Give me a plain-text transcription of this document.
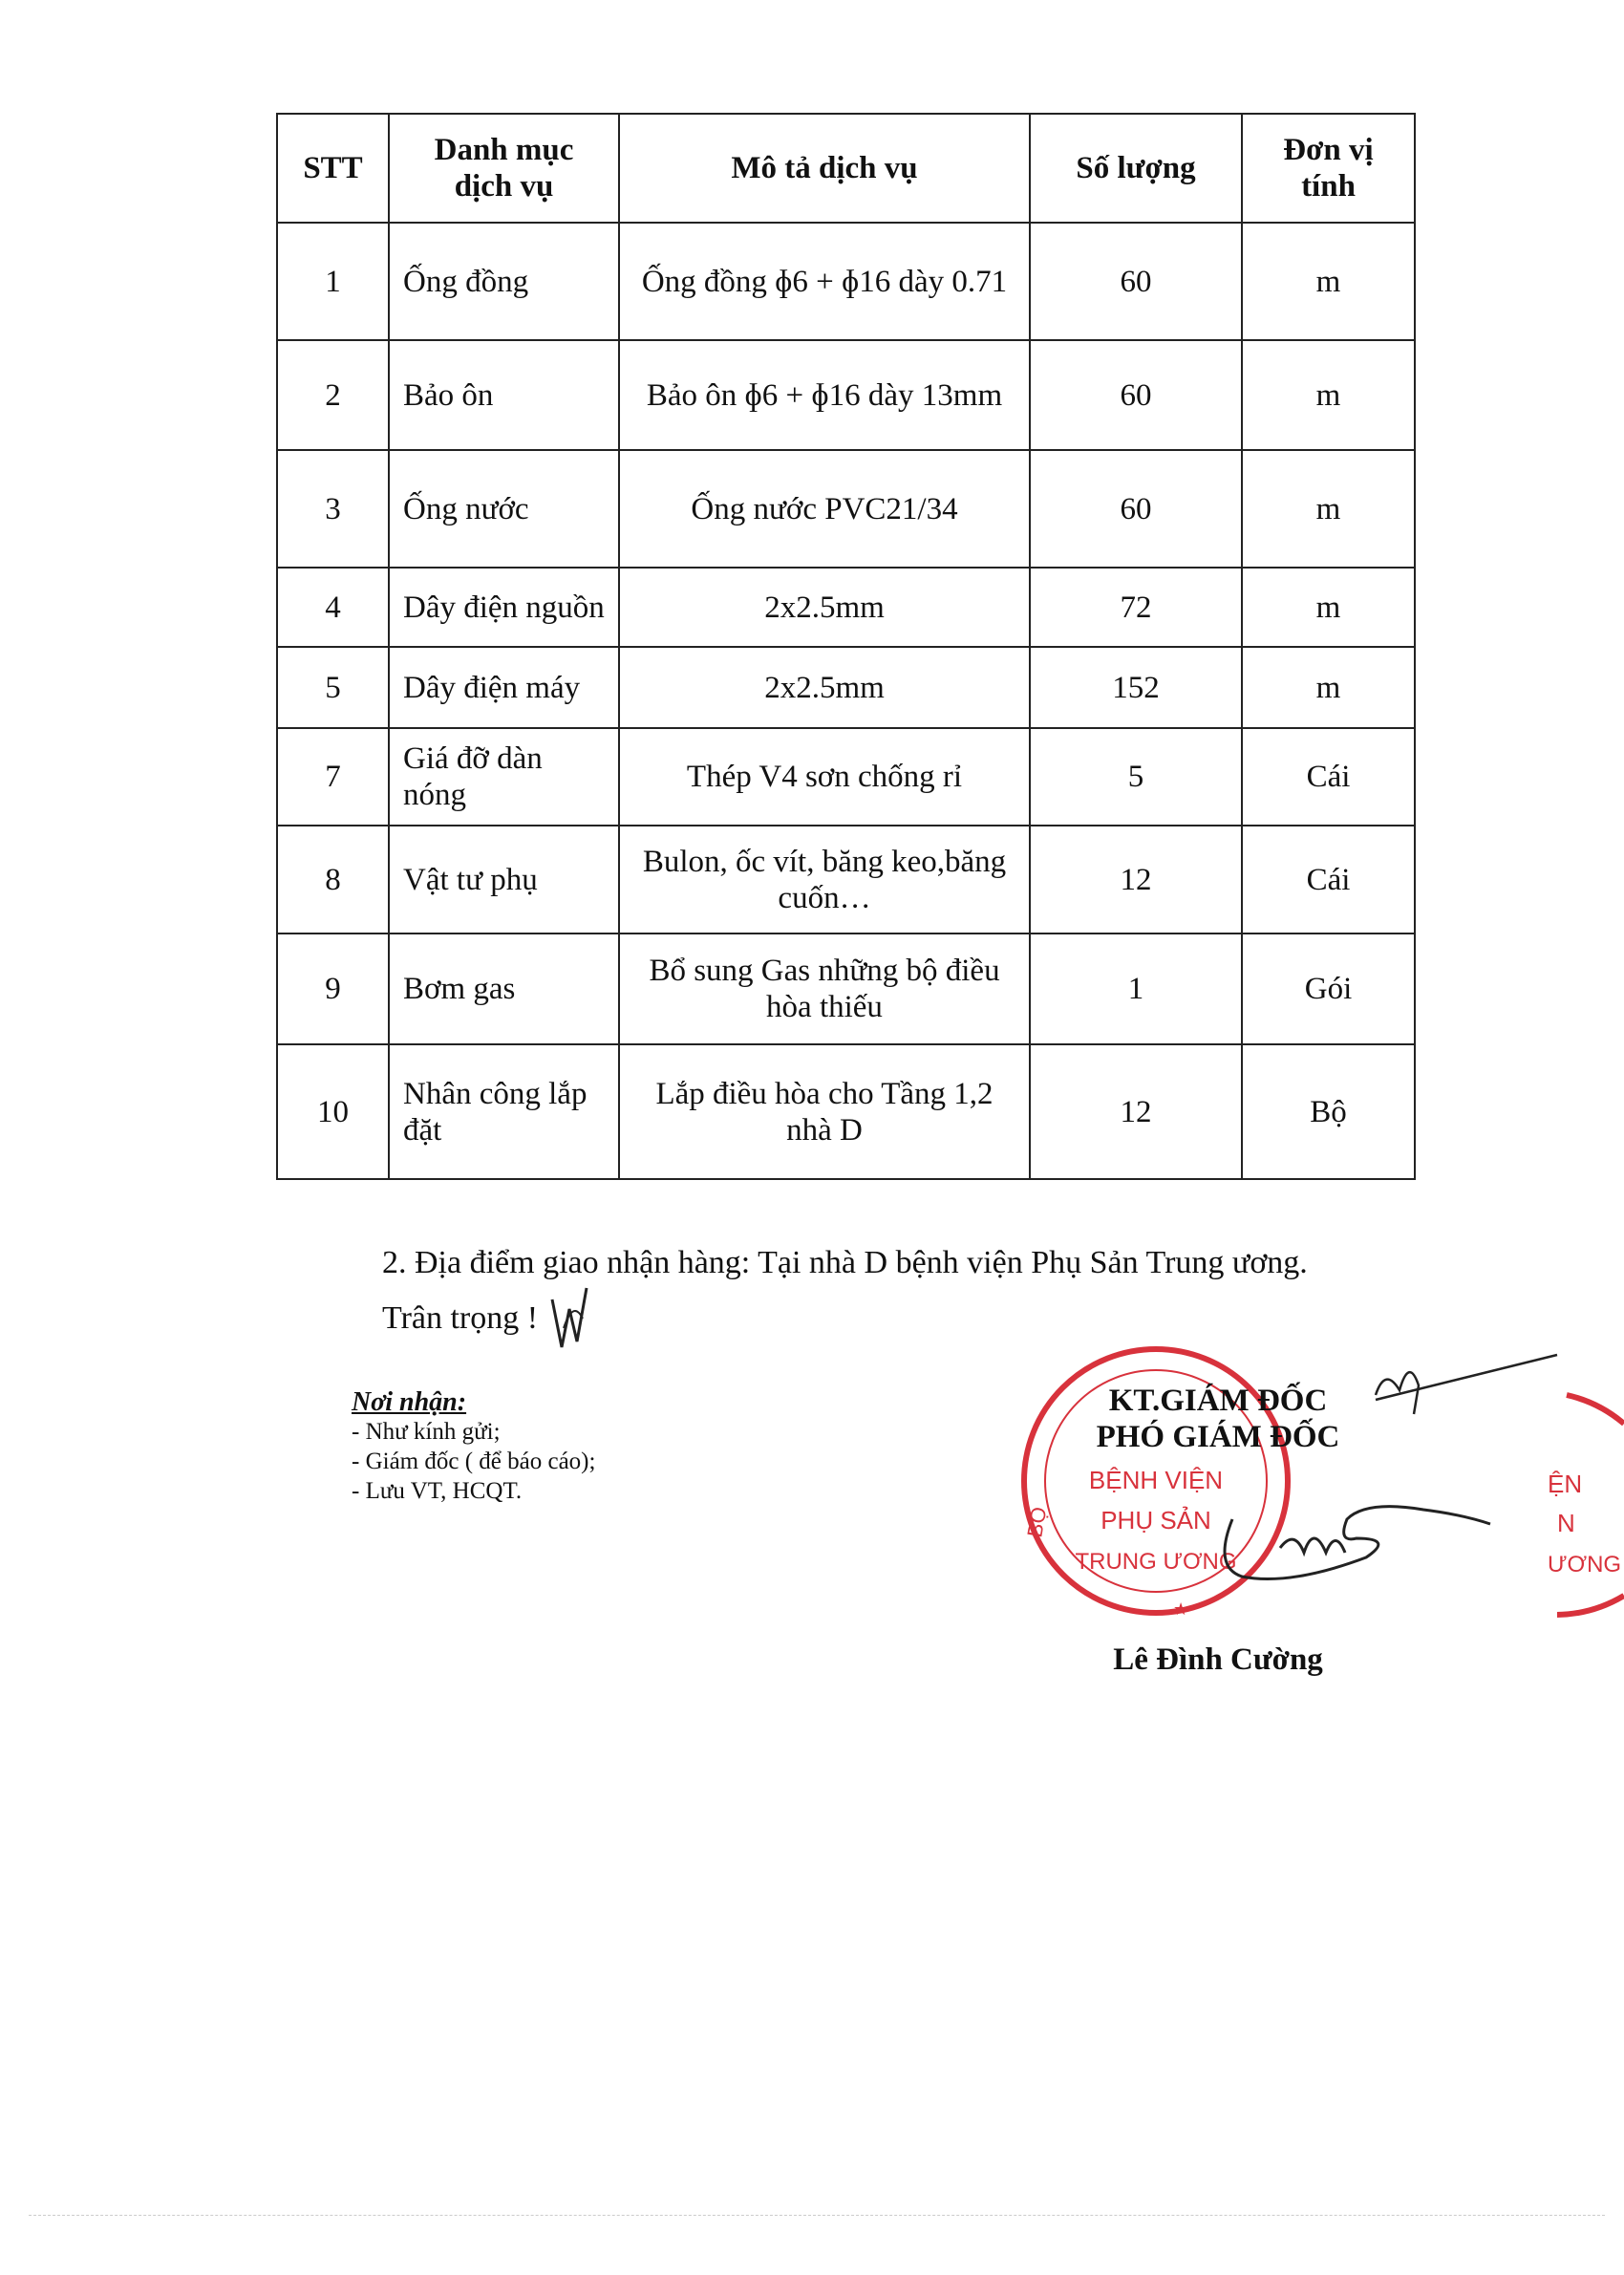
STT	Danh mục dịch vụ	Mô tả dịch vụ	Số lượng	Đơn vị tính
1	Ống đồng	Ống đồng ɸ6 + ɸ16 dày 0.71	60	m
2	Bảo ôn	Bảo ôn ɸ6 + ɸ16 dày 13mm	60	m
3	Ống nước	Ống nước PVC21/34	60	m
4	Dây điện nguồn	2x2.5mm	72	m
5	Dây điện máy	2x2.5mm	152	m
7	Giá đỡ dàn nóng	Thép V4 sơn chống rỉ	5	Cái
8	Vật tư phụ	Bulon, ốc vít, băng keo,băng cuốn…	12	Cái
9	Bơm gas	Bổ sung Gas những bộ điều hòa thiếu	1	Gói
10	Nhân công lắp đặt	Lắp điều hòa cho Tầng 1,2 nhà D	12	Bộ
2. Địa điểm giao nhận hàng: Tại nhà D bệnh viện Phụ Sản Trung ương.
Trân trọng !
Nơi nhận:
- Như kính gửi;
- Giám đốc ( để báo cáo);
- Lưu VT, HCQT.	BỆNH VIỆN
PHỤ SẢN
TRUNG ƯƠNG
BỘ
★
ỆN
N
ƯƠNG
KT.GIÁM ĐỐC
PHÓ GIÁM ĐỐC
Lê Đình Cường
